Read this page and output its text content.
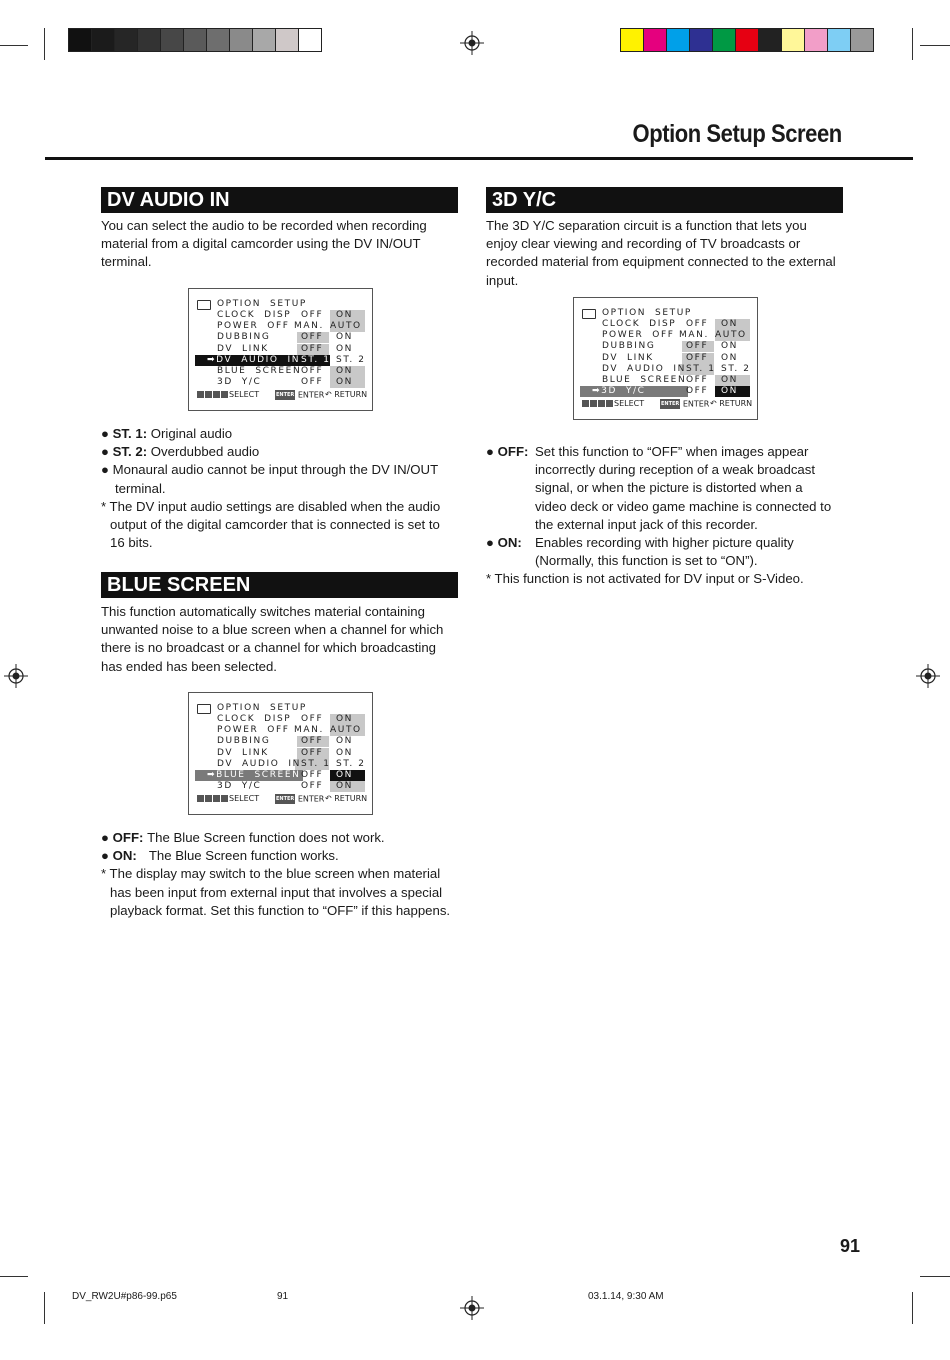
Option Setup Screen
DV AUDIO IN
You can select the audio to be recorded when recording
material from a digital camcorder using the DV IN/OUT
terminal.
OPTION  SETUP
CLOCK  DISP OFF ON
POWER  OFF MAN. AUTO
DUBBING	OFF ON
DV  LINK	OFF ON
➡DV  AUDIO  IN ST. 1 ST. 2
BLUE  SCREEN OFF ON
3D  Y/C	OFF ON
SELECT	ENTER ENTER ↶ RETURN
● ST. 1: Original audio
● ST. 2: Overdubbed audio
● Monaural audio cannot be input through the DV IN/OUT
terminal.
* The DV input audio settings are disabled when the audio
output of the digital camcorder that is connected is set to
16 bits.
BLUE SCREEN
This function automatically switches material containing
unwanted noise to a blue screen when a channel for which
there is no broadcast or a channel for which broadcasting
has ended has been selected.
OPTION  SETUP
CLOCK  DISP OFF ON
POWER  OFF MAN. AUTO
DUBBING	OFF ON
DV  LINK	OFF ON
DV  AUDIO  IN ST. 1 ST. 2
➡BLUE  SCREEN OFF ON
3D  Y/C	OFF ON
SELECT	ENTER ENTER ↶ RETURN
● OFF: The Blue Screen function does not work.
● ON: The Blue Screen function works.
* The display may switch to the blue screen when material
has been input from external input that involves a special
playback format. Set this function to “OFF” if this happens.
3D Y/C
The 3D Y/C separation circuit is a function that lets you
enjoy clear viewing and recording of TV broadcasts or
recorded material from equipment connected to the external
input.
OPTION  SETUP
CLOCK  DISP OFF ON
POWER  OFF MAN. AUTO
DUBBING	OFF ON
DV  LINK	OFF ON
DV  AUDIO  IN ST. 1 ST. 2
BLUE  SCREEN OFF ON
➡3D  Y/C	OFF ON
SELECT	ENTER ENTER ↶ RETURN
● OFF: Set this function to “OFF” when images appear
incorrectly during reception of a weak broadcast
signal, or when the picture is distorted when a
video deck or video game machine is connected to
the external input jack of this recorder.
● ON: Enables recording with higher picture quality
(Normally, this function is set to “ON”).
* This function is not activated for DV input or S-Video.
91
DV_RW2U#p86-99.p65	91	03.1.14, 9:30 AM
